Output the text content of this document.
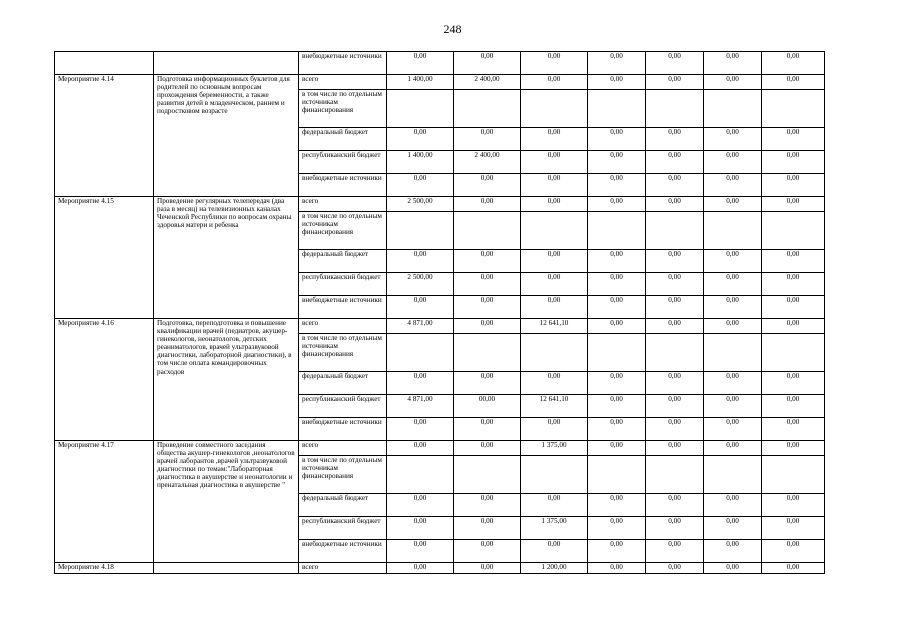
248
		внебюджетные источники	0,00	0,00	0,00	0,00	0,00	0,00	0,00
Мероприятие 4.14	Подготовка информационных буклетов для родителей по основным вопросам прохождения беременности, а также развития детей в младенческом, раннем и подростковом возрасте	всего	1 400,00	2 400,00	0,00	0,00	0,00	0,00	0,00
		в том числе по отдельным источникам финансирования							
		федеральный бюджет	0,00	0,00	0,00	0,00	0,00	0,00	0,00
		республиканский бюджет	1 400,00	2 400,00	0,00	0,00	0,00	0,00	0,00
		внебюджетные источники	0,00	0,00	0,00	0,00	0,00	0,00	0,00
Мероприятие 4.15	Проведение регулярных телепередач (два раза в месяц) на телевизионных каналах Чеченской Республики по вопросам охраны здоровья матери и ребенка	всего	2 500,00	0,00	0,00	0,00	0,00	0,00	0,00
		в том числе по отдельным источникам финансирования							
		федеральный бюджет	0,00	0,00	0,00	0,00	0,00	0,00	0,00
		республиканский бюджет	2 500,00	0,00	0,00	0,00	0,00	0,00	0,00
		внебюджетные источники	0,00	0,00	0,00	0,00	0,00	0,00	0,00
Мероприятие 4.16	Подготовка, переподготовка и повышение квалификации врачей (педиатров, акушер-гинекологов, неонатологов, детских реаниматологов, врачей ультразвуковой диагностики, лабораторной диагностики), в том числе оплата командировочных расходов	всего	4 871,00	0,00	12 641,10	0,00	0,00	0,00	0,00
		в том числе по отдельным источникам финансирования							
		федеральный бюджет	0,00	0,00	0,00	0,00	0,00	0,00	0,00
		республиканский бюджет	4 871,00	00,00	12 641,10	0,00	0,00	0,00	0,00
		внебюджетные источники	0,00	0,00	0,00	0,00	0,00	0,00	0,00
Мероприятие 4.17	Проведение совместного заседания общества акушер-гинекологов ,неонатологов врачей лаборантов ,врачей ультразвуковой диагностики по темам:"Лабораторная диагностика в акушерстве и неонатологии и пренатальная диагностика в акушерстве "	всего	0,00	0,00	1 375,00	0,00	0,00	0,00	0,00
		в том числе по отдельным источникам финансирования							
		федеральный бюджет	0,00	0,00	0,00	0,00	0,00	0,00	0,00
		республиканский бюджет	0,00	0,00	1 375,00	0,00	0,00	0,00	0,00
		внебюджетные источники	0,00	0,00	0,00	0,00	0,00	0,00	0,00
Мероприятие 4.18		всего	0,00	0,00	1 200,00	0,00	0,00	0,00	0,00
